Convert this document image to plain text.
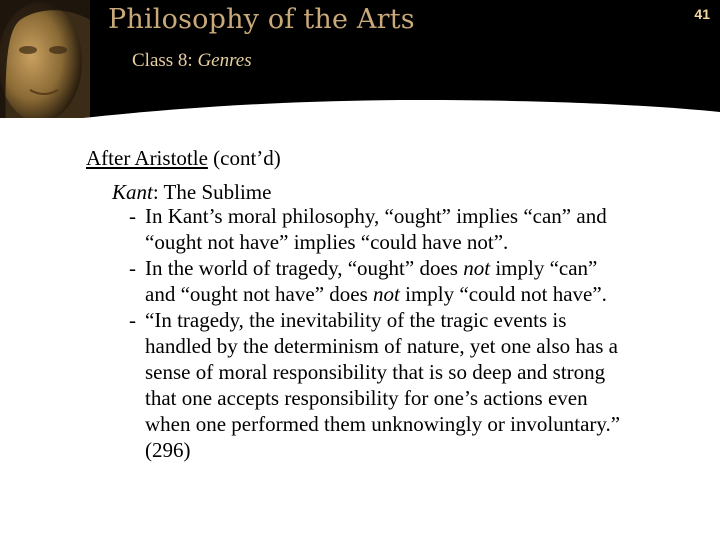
Philosophy of the Arts	41
Class 8: Genres
After Aristotle (cont’d)
Kant: The Sublime
- In Kant’s moral philosophy, “ought” implies “can” and
“ought not have” implies “could have not”.
- In the world of tragedy, “ought” does not imply “can”
and “ought not have” does not imply “could not have”.
- “In tragedy, the inevitability of the tragic events is
handled by the determinism of nature, yet one also has a
sense of moral responsibility that is so deep and strong
that one accepts responsibility for one’s actions even
when one performed them unknowingly or involuntary.”
(296)
